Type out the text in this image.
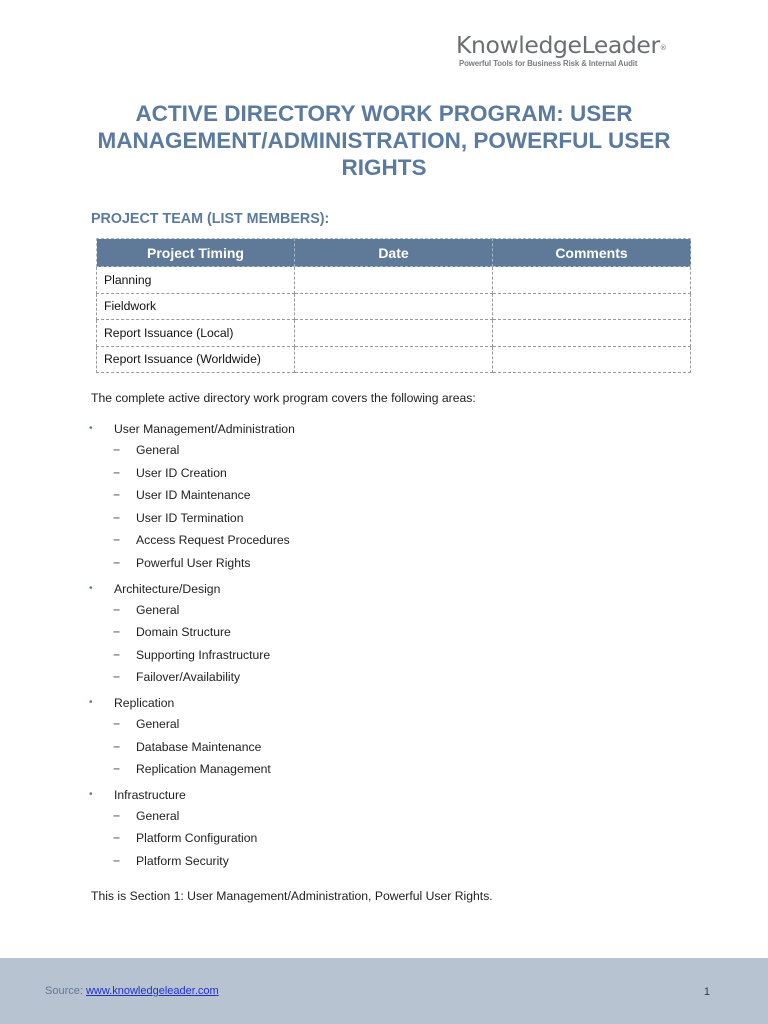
KnowledgeLeader®
Powerful Tools for Business Risk & Internal Audit
ACTIVE DIRECTORY WORK PROGRAM: USER MANAGEMENT/ADMINISTRATION, POWERFUL USER RIGHTS
PROJECT TEAM (LIST MEMBERS):
Project Timing	Date	Comments
Planning		
Fieldwork		
Report Issuance (Local)		
Report Issuance (Worldwide)		
The complete active directory work program covers the following areas:
• User Management/Administration
− General
− User ID Creation
− User ID Maintenance
− User ID Termination
− Access Request Procedures
− Powerful User Rights
• Architecture/Design
− General
− Domain Structure
− Supporting Infrastructure
− Failover/Availability
• Replication
− General
− Database Maintenance
− Replication Management
• Infrastructure
− General
− Platform Configuration
− Platform Security
This is Section 1: User Management/Administration, Powerful User Rights.
Source: www.knowledgeleader.com	1
